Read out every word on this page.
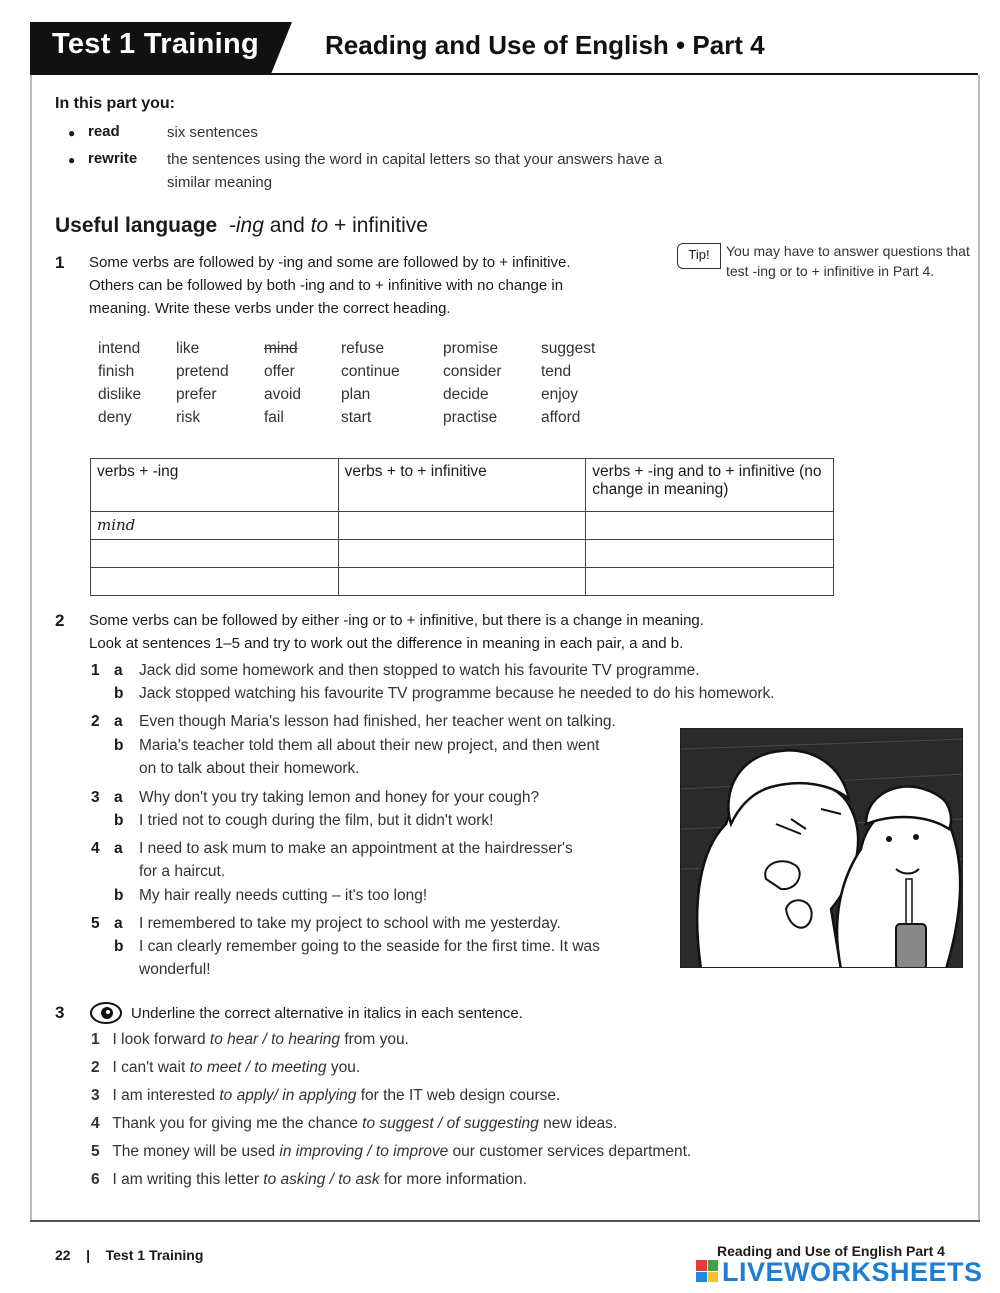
Test 1 Training	Reading and Use of English • Part 4
In this part you:
● read	six sentences
● rewrite the sentences using the word in capital letters so that your answers have a similar meaning
Useful language -ing and to + infinitive
1 Some verbs are followed by -ing and some are followed by to + infinitive.
Others can be followed by both -ing and to + infinitive with no change in
meaning. Write these verbs under the correct heading.
Tip!	You may have to answer questions that test -ing or to + infinitive in Part 4.
intend	like	mind	refuse	promise	suggest
finish	pretend	offer	continue	consider	tend
dislike	prefer	avoid	plan	decide	enjoy
deny	risk	fail	start	practise	afford
verbs + -ing	verbs + to + infinitive	verbs + -ing and to + infinitive (no change in meaning)
mind		

2 Some verbs can be followed by either -ing or to + infinitive, but there is a change in meaning.
Look at sentences 1–5 and try to work out the difference in meaning in each pair, a and b.
1 a Jack did some homework and then stopped to watch his favourite TV programme.
b Jack stopped watching his favourite TV programme because he needed to do his homework.
2 a Even though Maria's lesson had finished, her teacher went on talking.
b Maria's teacher told them all about their new project, and then went
on to talk about their homework.
3 a Why don't you try taking lemon and honey for your cough?
b I tried not to cough during the film, but it didn't work!
4 a I need to ask mum to make an appointment at the hairdresser's
for a haircut.
b My hair really needs cutting – it's too long!
5 a I remembered to take my project to school with me yesterday.
b I can clearly remember going to the seaside for the first time. It was
wonderful!
3	Underline the correct alternative in italics in each sentence.
1 I look forward to hear / to hearing from you.
2 I can't wait to meet / to meeting you.
3 I am interested to apply/ in applying for the IT web design course.
4 Thank you for giving me the chance to suggest / of suggesting new ideas.
5 The money will be used in improving / to improve our customer services department.
6 I am writing this letter to asking / to ask for more information.
22    |    Test 1 Training	Reading and Use of English Part 4
LIVEWORKSHEETS
